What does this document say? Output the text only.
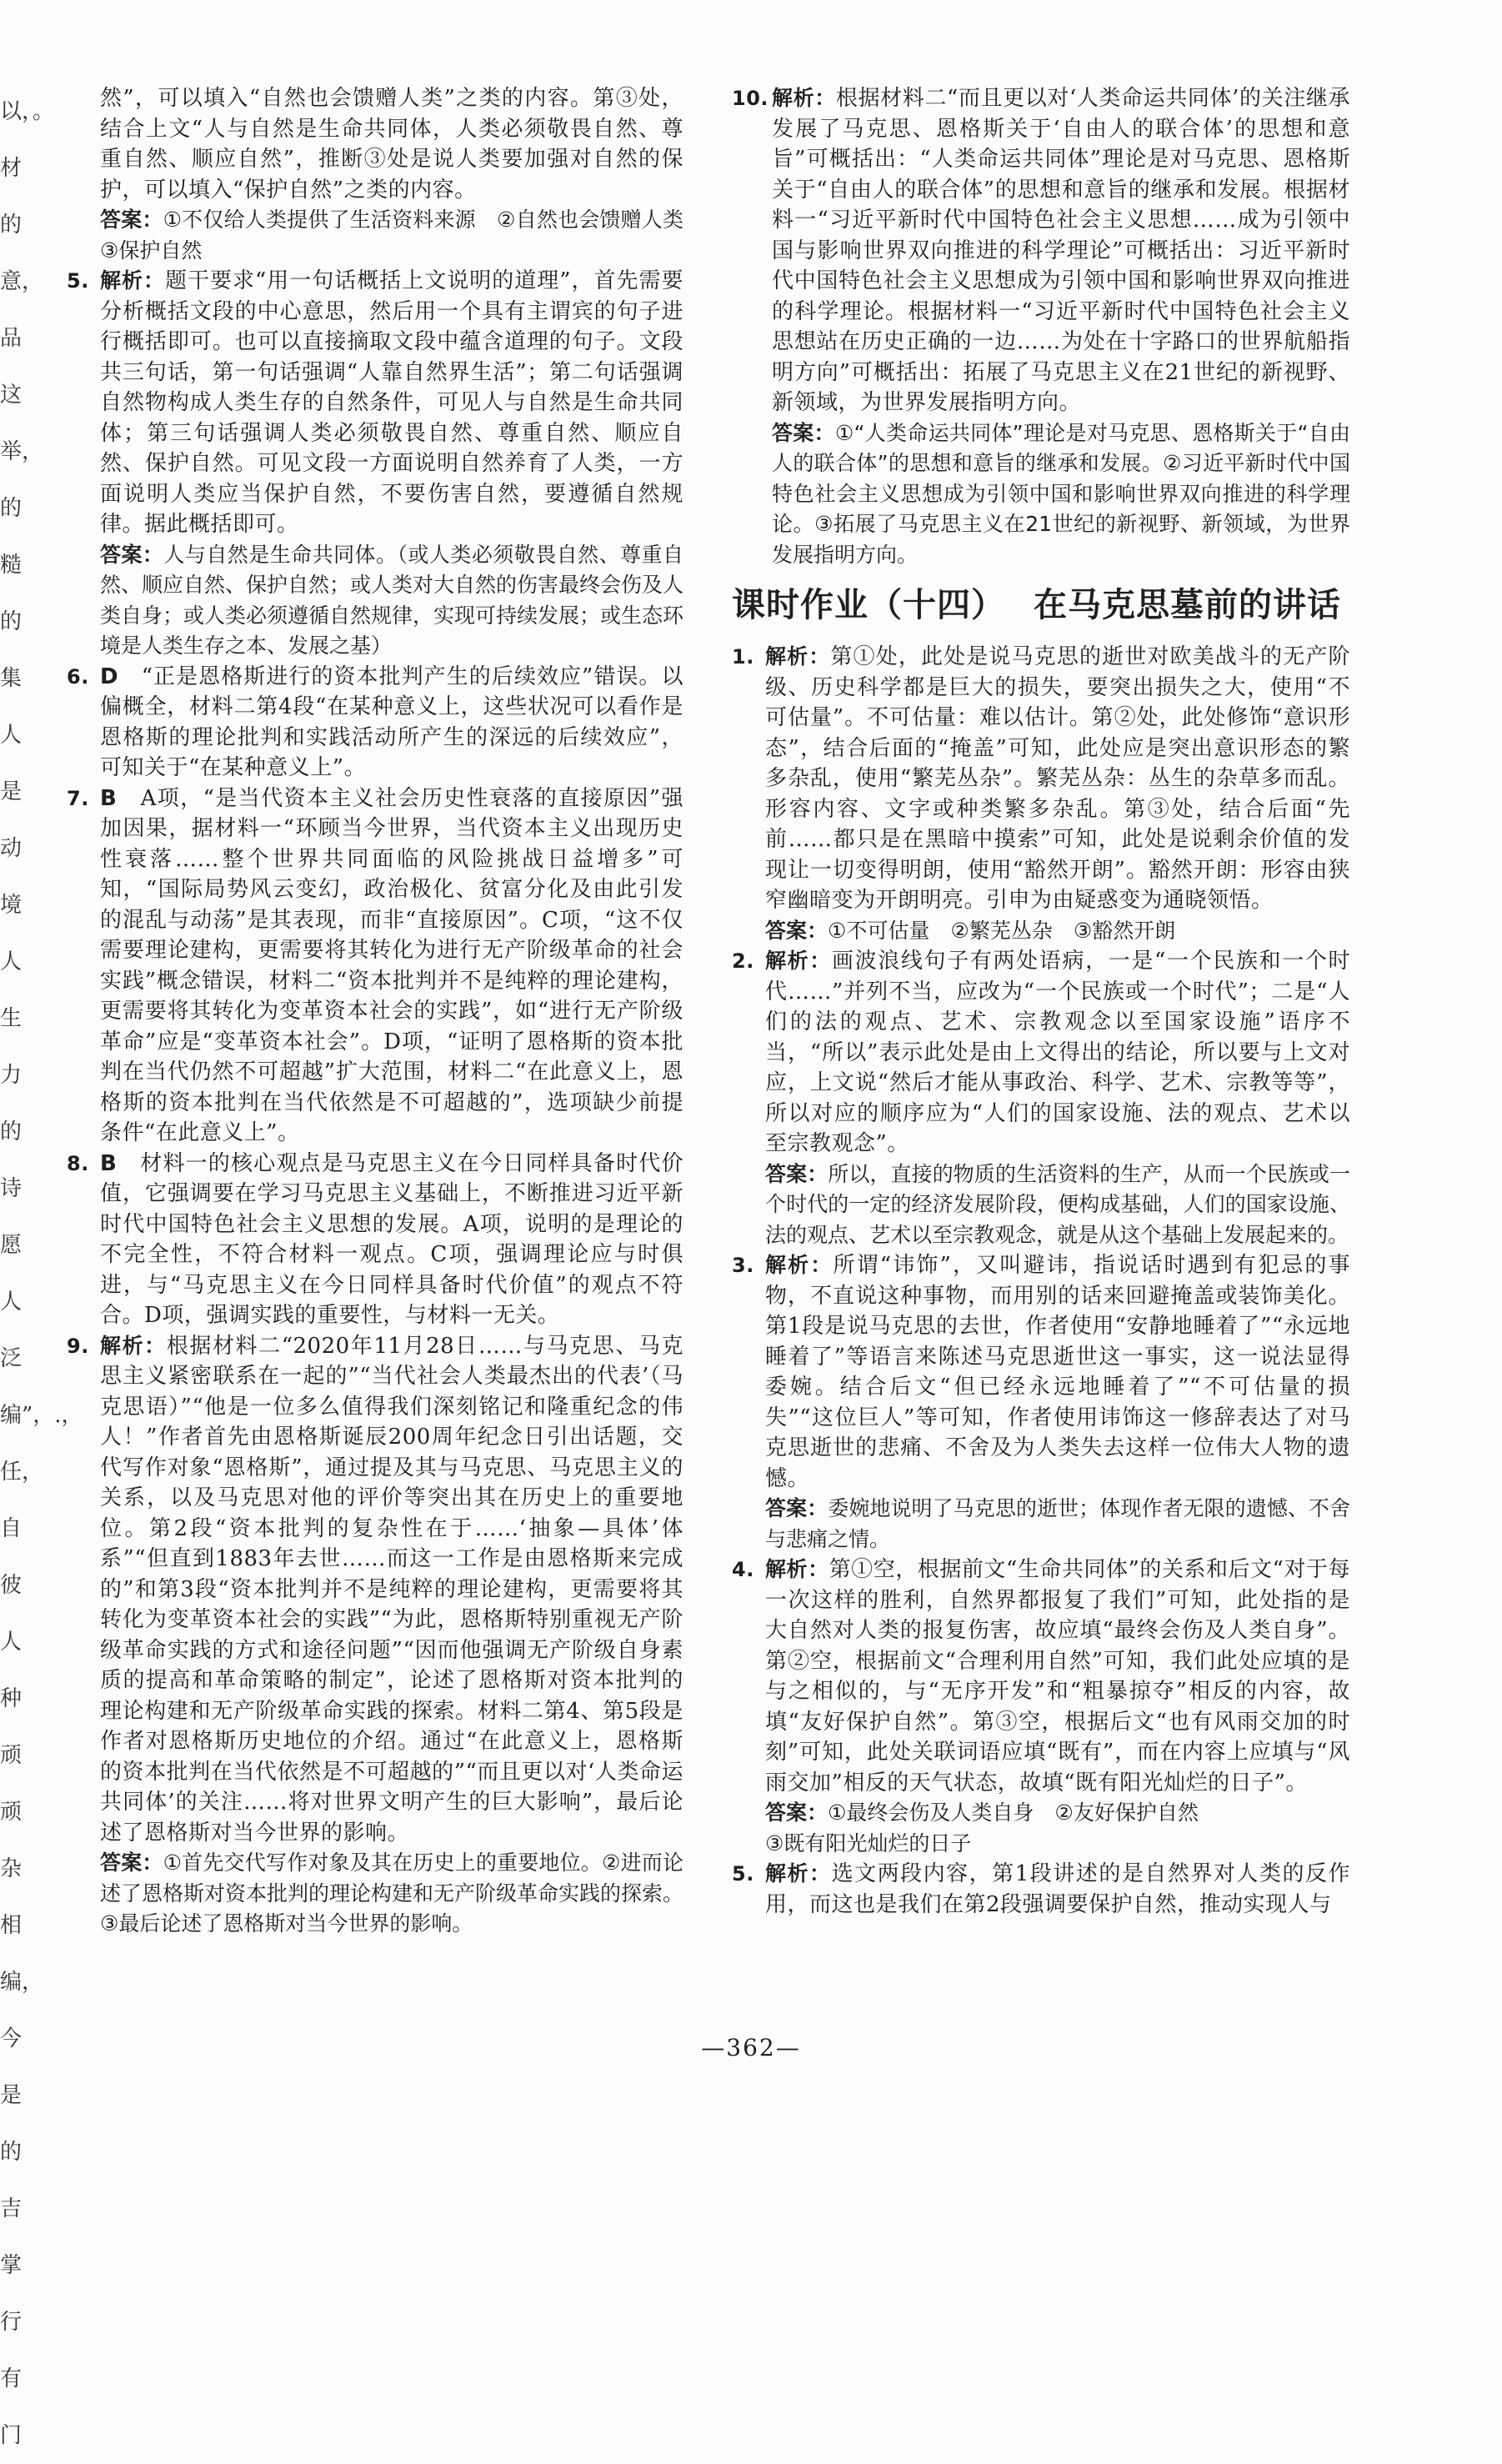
以，。材的意，品这举，的糙的集人是动境人生力的诗愿人泛编”，.，任，自彼人种顽顽杂相编，今是的吉掌行有门

然”，可以填入“自然也会馈赠人类”之类的内容。第③处，结合上文“人与自然是生命共同体，人类必须敬畏自然、尊重自然、顺应自然”，推断③处是说人类要加强对自然的保护，可以填入“保护自然”之类的内容。

答案：①不仅给人类提供了生活资料来源　②自然也会馈赠人类　③保护自然

5. 解析：题干要求“用一句话概括上文说明的道理”，首先需要分析概括文段的中心意思，然后用一个具有主谓宾的句子进行概括即可。也可以直接摘取文段中蕴含道理的句子。文段共三句话，第一句话强调“人靠自然界生活”；第二句话强调自然物构成人类生存的自然条件，可见人与自然是生命共同体；第三句话强调人类必须敬畏自然、尊重自然、顺应自然、保护自然。可见文段一方面说明自然养育了人类，一方面说明人类应当保护自然，不要伤害自然，要遵循自然规律。据此概括即可。

答案：人与自然是生命共同体。（或人类必须敬畏自然、尊重自然、顺应自然、保护自然；或人类对大自然的伤害最终会伤及人类自身；或人类必须遵循自然规律，实现可持续发展；或生态环境是人类生存之本、发展之基）

6. D　 “正是恩格斯进行的资本批判产生的后续效应”错误。以偏概全，材料二第4段“在某种意义上，这些状况可以看作是恩格斯的理论批判和实践活动所产生的深远的后续效应”，可知关于“在某种意义上”。
7. B　 A项，“是当代资本主义社会历史性衰落的直接原因”强加因果，据材料一“环顾当今世界，当代资本主义出现历史性衰落……整个世界共同面临的风险挑战日益增多”可知，“国际局势风云变幻，政治极化、贫富分化及由此引发的混乱与动荡”是其表现，而非“直接原因”。C项，“这不仅需要理论建构，更需要将其转化为进行无产阶级革命的社会实践”概念错误，材料二“资本批判并不是纯粹的理论建构，更需要将其转化为变革资本社会的实践”，如“进行无产阶级革命”应是“变革资本社会”。D项，“证明了恩格斯的资本批判在当代仍然不可超越”扩大范围，材料二“在此意义上，恩格斯的资本批判在当代依然是不可超越的”，选项缺少前提条件“在此意义上”。
8. B　 材料一的核心观点是马克思主义在今日同样具备时代价值，它强调要在学习马克思主义基础上，不断推进习近平新时代中国特色社会主义思想的发展。A项，说明的是理论的不完全性，不符合材料一观点。C项，强调理论应与时俱进，与“马克思主义在今日同样具备时代价值”的观点不符合。D项，强调实践的重要性，与材料一无关。
9. 解析：根据材料二“2020年11月28日……与马克思、马克思主义紧密联系在一起的”“当代社会人类最杰出的代表’（马克思语）”“他是一位多么值得我们深刻铭记和隆重纪念的伟人！”作者首先由恩格斯诞辰200周年纪念日引出话题，交代写作对象“恩格斯”，通过提及其与马克思、马克思主义的关系，以及马克思对他的评价等突出其在历史上的重要地位。第2段“资本批判的复杂性在于……‘抽象—具体’体系”“但直到1883年去世……而这一工作是由恩格斯来完成的”和第3段“资本批判并不是纯粹的理论建构，更需要将其转化为变革资本社会的实践”“为此，恩格斯特别重视无产阶级革命实践的方式和途径问题”“因而他强调无产阶级自身素质的提高和革命策略的制定”，论述了恩格斯对资本批判的理论构建和无产阶级革命实践的探索。材料二第4、第5段是作者对恩格斯历史地位的介绍。通过“在此意义上，恩格斯的资本批判在当代依然是不可超越的”“而且更以对‘人类命运共同体’的关注……将对世界文明产生的巨大影响”，最后论述了恩格斯对当今世界的影响。

答案：①首先交代写作对象及其在历史上的重要地位。②进而论述了恩格斯对资本批判的理论构建和无产阶级革命实践的探索。③最后论述了恩格斯对当今世界的影响。

10. 解析：根据材料二“而且更以对‘人类命运共同体’的关注继承发展了马克思、恩格斯关于‘自由人的联合体’的思想和意旨”可概括出：“人类命运共同体”理论是对马克思、恩格斯关于“自由人的联合体”的思想和意旨的继承和发展。根据材料一“习近平新时代中国特色社会主义思想……成为引领中国与影响世界双向推进的科学理论”可概括出：习近平新时代中国特色社会主义思想成为引领中国和影响世界双向推进的科学理论。根据材料一“习近平新时代中国特色社会主义思想站在历史正确的一边……为处在十字路口的世界航船指明方向”可概括出：拓展了马克思主义在21世纪的新视野、新领域，为世界发展指明方向。

答案：①“人类命运共同体”理论是对马克思、恩格斯关于“自由人的联合体”的思想和意旨的继承和发展。②习近平新时代中国特色社会主义思想成为引领中国和影响世界双向推进的科学理论。③拓展了马克思主义在21世纪的新视野、新领域，为世界发展指明方向。

课时作业（十四） 在马克思墓前的讲话
1. 解析：第①处，此处是说马克思的逝世对欧美战斗的无产阶级、历史科学都是巨大的损失，要突出损失之大，使用“不可估量”。不可估量：难以估计。第②处，此处修饰“意识形态”，结合后面的“掩盖”可知，此处应是突出意识形态的繁多杂乱，使用“繁芜丛杂”。繁芜丛杂：丛生的杂草多而乱。形容内容、文字或种类繁多杂乱。第③处，结合后面“先前……都只是在黑暗中摸索”可知，此处是说剩余价值的发现让一切变得明朗，使用“豁然开朗”。豁然开朗：形容由狭窄幽暗变为开朗明亮。引申为由疑惑变为通晓领悟。

答案：①不可估量　②繁芜丛杂　③豁然开朗

2. 解析：画波浪线句子有两处语病，一是“一个民族和一个时代……”并列不当，应改为“一个民族或一个时代”；二是“人们的法的观点、艺术、宗教观念以至国家设施”语序不当，“所以”表示此处是由上文得出的结论，所以要与上文对应，上文说“然后才能从事政治、科学、艺术、宗教等等”，所以对应的顺序应为“人们的国家设施、法的观点、艺术以至宗教观念”。

答案：所以，直接的物质的生活资料的生产，从而一个民族或一个时代的一定的经济发展阶段，便构成基础，人们的国家设施、法的观点、艺术以至宗教观念，就是从这个基础上发展起来的。

3. 解析：所谓“讳饰”，又叫避讳，指说话时遇到有犯忌的事物，不直说这种事物，而用别的话来回避掩盖或装饰美化。第1段是说马克思的去世，作者使用“安静地睡着了”“永远地睡着了”等语言来陈述马克思逝世这一事实，这一说法显得委婉。结合后文“但已经永远地睡着了”“不可估量的损失”“这位巨人”等可知，作者使用讳饰这一修辞表达了对马克思逝世的悲痛、不舍及为人类失去这样一位伟大人物的遗憾。

答案：委婉地说明了马克思的逝世；体现作者无限的遗憾、不舍与悲痛之情。

4. 解析：第①空，根据前文“生命共同体”的关系和后文“对于每一次这样的胜利，自然界都报复了我们”可知，此处指的是大自然对人类的报复伤害，故应填“最终会伤及人类自身”。第②空，根据前文“合理利用自然”可知，我们此处应填的是与之相似的，与“无序开发”和“粗暴掠夺”相反的内容，故填“友好保护自然”。第③空，根据后文“也有风雨交加的时刻”可知，此处关联词语应填“既有”，而在内容上应填与“风雨交加”相反的天气状态，故填“既有阳光灿烂的日子”。

答案：①最终会伤及人类自身　②友好保护自然

③既有阳光灿烂的日子

5. 解析：选文两段内容，第1段讲述的是自然界对人类的反作用，而这也是我们在第2段强调要保护自然，推动实现人与
—362—
